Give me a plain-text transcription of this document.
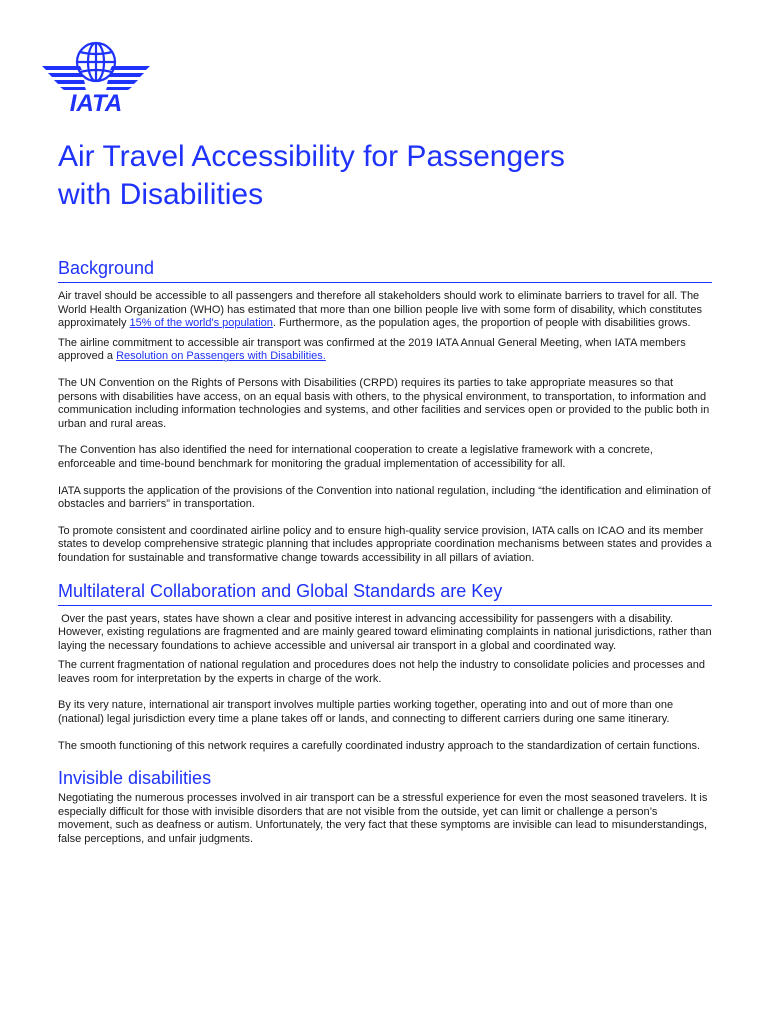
IATA
Air Travel Accessibility for Passengers
with Disabilities
Background

Air travel should be accessible to all passengers and therefore all stakeholders should work to eliminate barriers to travel for all. The World Health Organization (WHO) has estimated that more than one billion people live with some form of disability, which constitutes approximately 15% of the world's population. Furthermore, as the population ages, the proportion of people with disabilities grows.

The airline commitment to accessible air transport was confirmed at the 2019 IATA Annual General Meeting, when IATA members approved a Resolution on Passengers with Disabilities.

The UN Convention on the Rights of Persons with Disabilities (CRPD) requires its parties to take appropriate measures so that persons with disabilities have access, on an equal basis with others, to the physical environment, to transportation, to information and communication including information technologies and systems, and other facilities and services open or provided to the public both in urban and rural areas.

The Convention has also identified the need for international cooperation to create a legislative framework with a concrete, enforceable and time-bound benchmark for monitoring the gradual implementation of accessibility for all.

IATA supports the application of the provisions of the Convention into national regulation, including “the identification and elimination of obstacles and barriers” in transportation.

To promote consistent and coordinated airline policy and to ensure high-quality service provision, IATA calls on ICAO and its member states to develop comprehensive strategic planning that includes appropriate coordination mechanisms between states and provides a foundation for sustainable and transformative change towards accessibility in all pillars of aviation.

Multilateral Collaboration and Global Standards are Key

Over the past years, states have shown a clear and positive interest in advancing accessibility for passengers with a disability. However, existing regulations are fragmented and are mainly geared toward eliminating complaints in national jurisdictions, rather than laying the necessary foundations to achieve accessible and universal air transport in a global and coordinated way.

The current fragmentation of national regulation and procedures does not help the industry to consolidate policies and processes and leaves room for interpretation by the experts in charge of the work.

By its very nature, international air transport involves multiple parties working together, operating into and out of more than one (national) legal jurisdiction every time a plane takes off or lands, and connecting to different carriers during one same itinerary.

The smooth functioning of this network requires a carefully coordinated industry approach to the standardization of certain functions.

Invisible disabilities

Negotiating the numerous processes involved in air transport can be a stressful experience for even the most seasoned travelers. It is especially difficult for those with invisible disorders that are not visible from the outside, yet can limit or challenge a person’s movement, such as deafness or autism. Unfortunately, the very fact that these symptoms are invisible can lead to misunderstandings, false perceptions, and unfair judgments.
